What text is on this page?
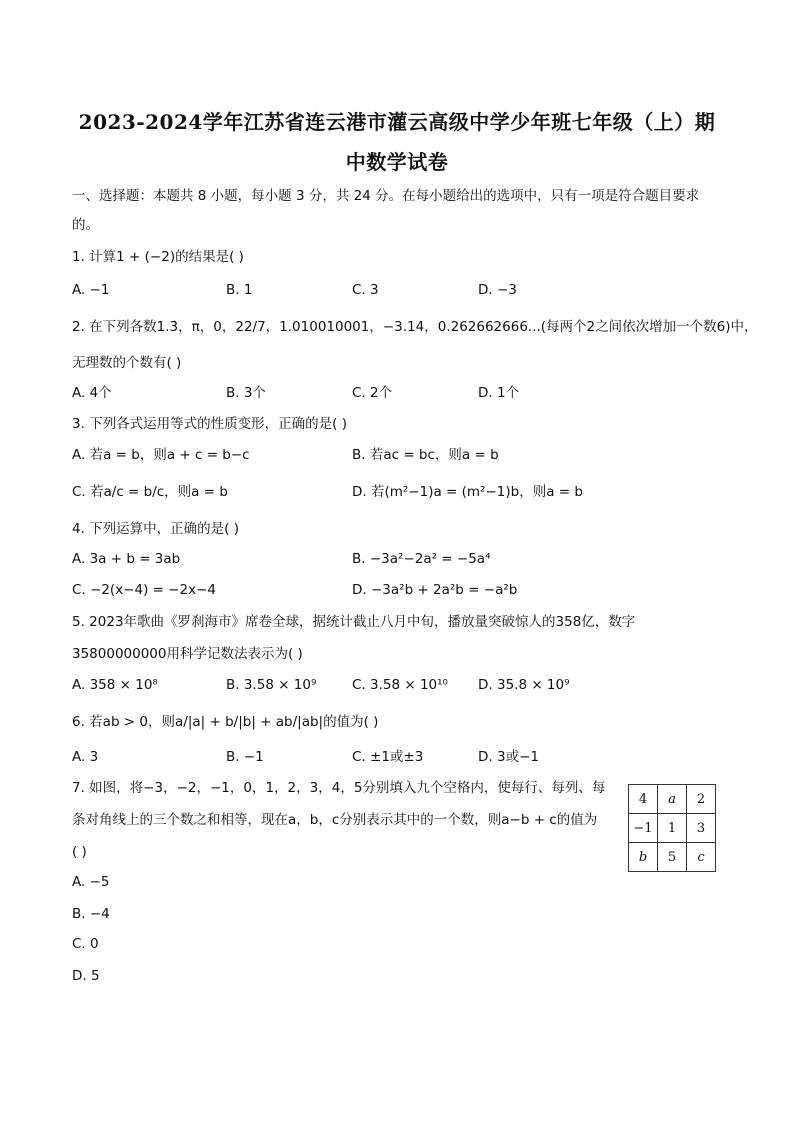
2023-2024学年江苏省连云港市灌云高级中学少年班七年级（上）期
中数学试卷
一、选择题：本题共 8 小题，每小题 3 分，共 24 分。在每小题给出的选项中，只有一项是符合题目要求
的。
1. 计算1 + (−2)的结果是( )
A. −1	B. 1	C. 3	D. −3
2. 在下列各数1.3̇，π，0，22/7，1.010010001，−3.14，0.262662666...(每两个2之间依次增加一个数6)中，
无理数的个数有( )
A. 4个	B. 3个	C. 2个	D. 1个
3. 下列各式运用等式的性质变形，正确的是( )
A. 若a = b，则a + c = b−c	B. 若ac = bc，则a = b
C. 若a/c = b/c，则a = b	D. 若(m²−1)a = (m²−1)b，则a = b
4. 下列运算中，正确的是( )
A. 3a + b = 3ab	B. −3a²−2a² = −5a⁴
C. −2(x−4) = −2x−4	D. −3a²b + 2a²b = −a²b
5. 2023年歌曲《罗刹海市》席卷全球，据统计截止八月中旬，播放量突破惊人的358亿，数字
35800000000用科学记数法表示为( )
A. 358 × 10⁸	B. 3.58 × 10⁹	C. 3.58 × 10¹⁰ D. 35.8 × 10⁹
6. 若ab > 0，则a/|a| + b/|b| + ab/|ab|的值为( )
A. 3	B. −1	C. ±1或±3	D. 3或−1
7. 如图，将−3，−2，−1，0，1，2，3，4，5分别填入九个空格内，使每行、每列、每
条对角线上的三个数之和相等，现在a，b，c分别表示其中的一个数，则a−b + c的值为
( )
A. −5
B. −4
C. 0
D. 5
4	a	2
−1	1	3
b	5	c
